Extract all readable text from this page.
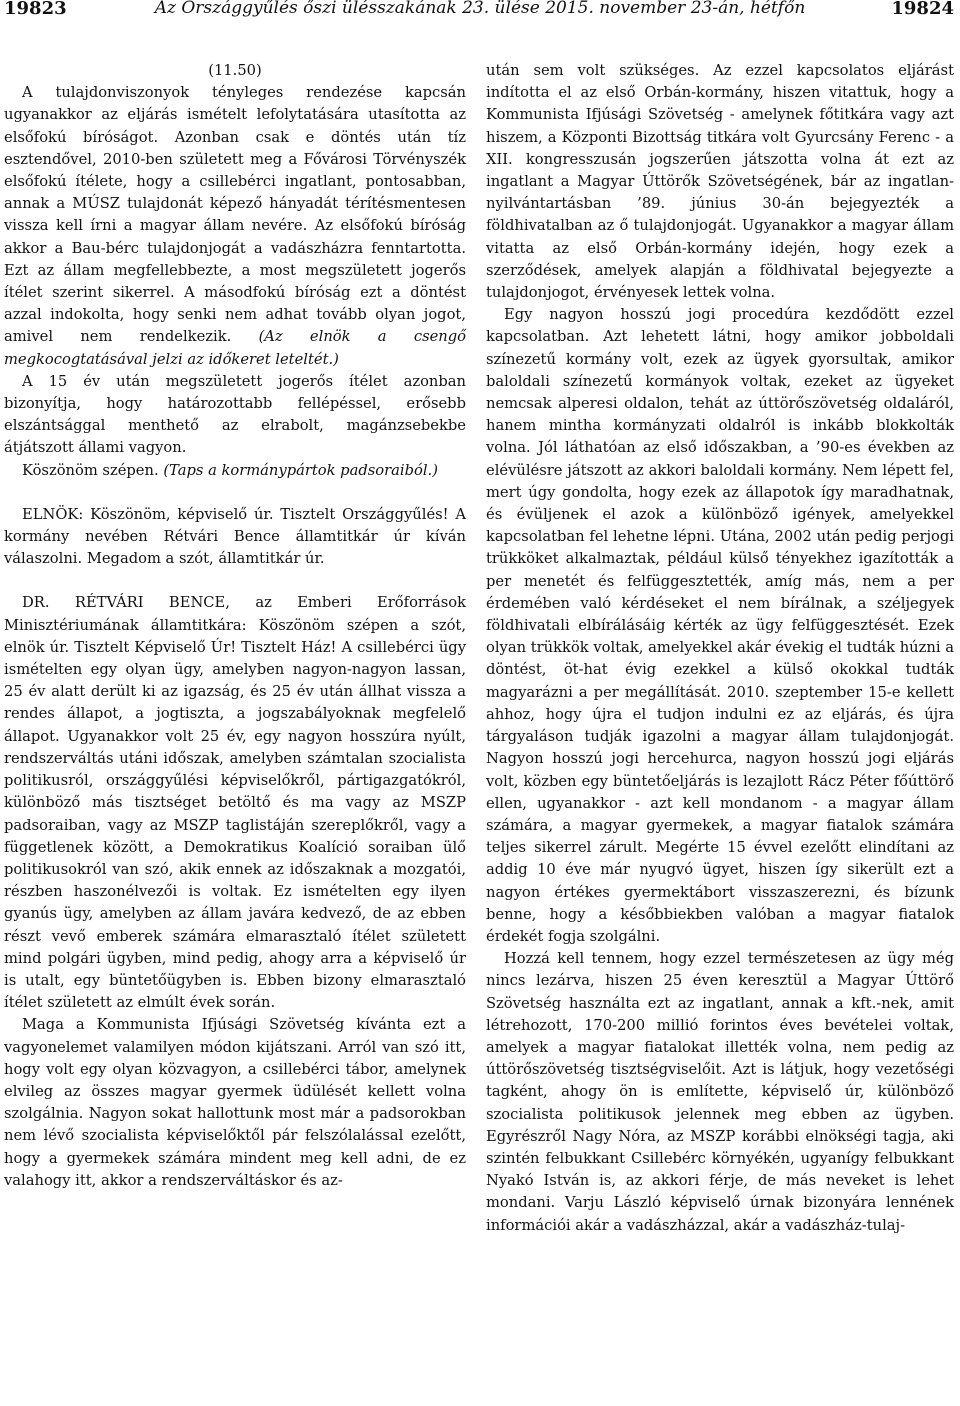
19823	Az Országgyűlés őszi ülésszakának 23. ülése 2015. november 23-án, hétfőn	19824

(11.50)

A tulajdonviszonyok tényleges rendezése kapcsán ugyanakkor az eljárás ismételt lefolytatására utasította az elsőfokú bíróságot. Azonban csak e döntés után tíz esztendővel, 2010-ben született meg a Fővárosi Törvényszék elsőfokú ítélete, hogy a csillebérci ingatlant, pontosabban, annak a MÚSZ tulajdonát képező hányadát térítésmentesen vissza kell írni a magyar állam nevére. Az elsőfokú bíróság akkor a Bau-bérc tulajdonjogát a vadászházra fenntartotta. Ezt az állam megfellebbezte, a most megszületett jogerős ítélet szerint sikerrel. A másodfokú bíróság ezt a döntést azzal indokolta, hogy senki nem adhat tovább olyan jogot, amivel nem rendelkezik. (Az elnök a csengő megkocogtatásával jelzi az időkeret leteltét.)

A 15 év után megszületett jogerős ítélet azonban bizonyítja, hogy határozottabb fellépéssel, erősebb elszántsággal menthető az elrabolt, magánzsebekbe átjátszott állami vagyon.

Köszönöm szépen. (Taps a kormánypártok padsoraiból.)

ELNÖK: Köszönöm, képviselő úr. Tisztelt Országgyűlés! A kormány nevében Rétvári Bence államtitkár úr kíván válaszolni. Megadom a szót, államtitkár úr.

DR. RÉTVÁRI BENCE, az Emberi Erőforrások Minisztériumának államtitkára: Köszönöm szépen a szót, elnök úr. Tisztelt Képviselő Úr! Tisztelt Ház! A csillebérci ügy ismételten egy olyan ügy, amelyben nagyon-nagyon lassan, 25 év alatt derült ki az igazság, és 25 év után állhat vissza a rendes állapot, a jogtiszta, a jogszabályoknak megfelelő állapot. Ugyanakkor volt 25 év, egy nagyon hosszúra nyúlt, rendszerváltás utáni időszak, amelyben számtalan szocialista politikusról, országgyűlési képviselőkről, pártigazgatókról, különböző más tisztséget betöltő és ma vagy az MSZP padsoraiban, vagy az MSZP taglistáján szereplőkről, vagy a függetlenek között, a Demokratikus Koalíció soraiban ülő politikusokról van szó, akik ennek az időszaknak a mozgatói, részben haszonélvezői is voltak. Ez ismételten egy ilyen gyanús ügy, amelyben az állam javára kedvező, de az ebben részt vevő emberek számára elmarasztaló ítélet született mind polgári ügyben, mind pedig, ahogy arra a képviselő úr is utalt, egy büntetőügyben is. Ebben bizony elmarasztaló ítélet született az elmúlt évek során.

Maga a Kommunista Ifjúsági Szövetség kívánta ezt a vagyonelemet valamilyen módon kijátszani. Arról van szó itt, hogy volt egy olyan közvagyon, a csillebérci tábor, amelynek elvileg az összes magyar gyermek üdülését kellett volna szolgálnia. Nagyon sokat hallottunk most már a padsorokban nem lévő szocialista képviselőktől pár felszólalással ezelőtt, hogy a gyermekek számára mindent meg kell adni, de ez valahogy itt, akkor a rendszerváltáskor és az-

után sem volt szükséges. Az ezzel kapcsolatos eljárást indította el az első Orbán-kormány, hiszen vitattuk, hogy a Kommunista Ifjúsági Szövetség - amelynek főtitkára vagy azt hiszem, a Központi Bizottság titkára volt Gyurcsány Ferenc - a XII. kongresszusán jogszerűen játszotta volna át ezt az ingatlant a Magyar Úttörők Szövetségének, bár az ingatlan-nyilvántartásban ’89. június 30-án bejegyezték a földhivatalban az ő tulajdonjogát. Ugyanakkor a magyar állam vitatta az első Orbán-kormány idején, hogy ezek a szerződések, amelyek alapján a földhivatal bejegyezte a tulajdonjogot, érvényesek lettek volna.

Egy nagyon hosszú jogi procedúra kezdődött ezzel kapcsolatban. Azt lehetett látni, hogy amikor jobboldali színezetű kormány volt, ezek az ügyek gyorsultak, amikor baloldali színezetű kormányok voltak, ezeket az ügyeket nemcsak alperesi oldalon, tehát az úttörőszövetség oldaláról, hanem mintha kormányzati oldalról is inkább blokkolták volna. Jól láthatóan az első időszakban, a ’90-es években az elévülésre játszott az akkori baloldali kormány. Nem lépett fel, mert úgy gondolta, hogy ezek az állapotok így maradhatnak, és évüljenek el azok a különböző igények, amelyekkel kapcsolatban fel lehetne lépni. Utána, 2002 után pedig perjogi trükköket alkalmaztak, például külső tényekhez igazították a per menetét és felfüggesztették, amíg más, nem a per érdemében való kérdéseket el nem bírálnak, a széljegyek földhivatali elbírálásáig kérték az ügy felfüggesztését. Ezek olyan trükkök voltak, amelyekkel akár évekig el tudták húzni a döntést, öt-hat évig ezekkel a külső okokkal tudták magyarázni a per megállítását. 2010. szeptember 15-e kellett ahhoz, hogy újra el tudjon indulni ez az eljárás, és újra tárgyaláson tudják igazolni a magyar állam tulajdonjogát. Nagyon hosszú jogi hercehurca, nagyon hosszú jogi eljárás volt, közben egy büntetőeljárás is lezajlott Rácz Péter főúttörő ellen, ugyanakkor - azt kell mondanom - a magyar állam számára, a magyar gyermekek, a magyar fiatalok számára teljes sikerrel zárult. Megérte 15 évvel ezelőtt elindítani az addig 10 éve már nyugvó ügyet, hiszen így sikerült ezt a nagyon értékes gyermektábort visszaszerezni, és bízunk benne, hogy a későbbiekben valóban a magyar fiatalok érdekét fogja szolgálni.

Hozzá kell tennem, hogy ezzel természetesen az ügy még nincs lezárva, hiszen 25 éven keresztül a Magyar Úttörő Szövetség használta ezt az ingatlant, annak a kft.-nek, amit létrehozott, 170-200 millió forintos éves bevételei voltak, amelyek a magyar fiatalokat illették volna, nem pedig az úttörőszövetség tisztségviselőit. Azt is látjuk, hogy vezetőségi tagként, ahogy ön is említette, képviselő úr, különböző szocialista politikusok jelennek meg ebben az ügyben. Egyrészről Nagy Nóra, az MSZP korábbi elnökségi tagja, aki szintén felbukkant Csillebérc környékén, ugyanígy felbukkant Nyakó István is, az akkori férje, de más neveket is lehet mondani. Varju László képviselő úrnak bizonyára lennének információi akár a vadászházzal, akár a vadászház-tulaj-
